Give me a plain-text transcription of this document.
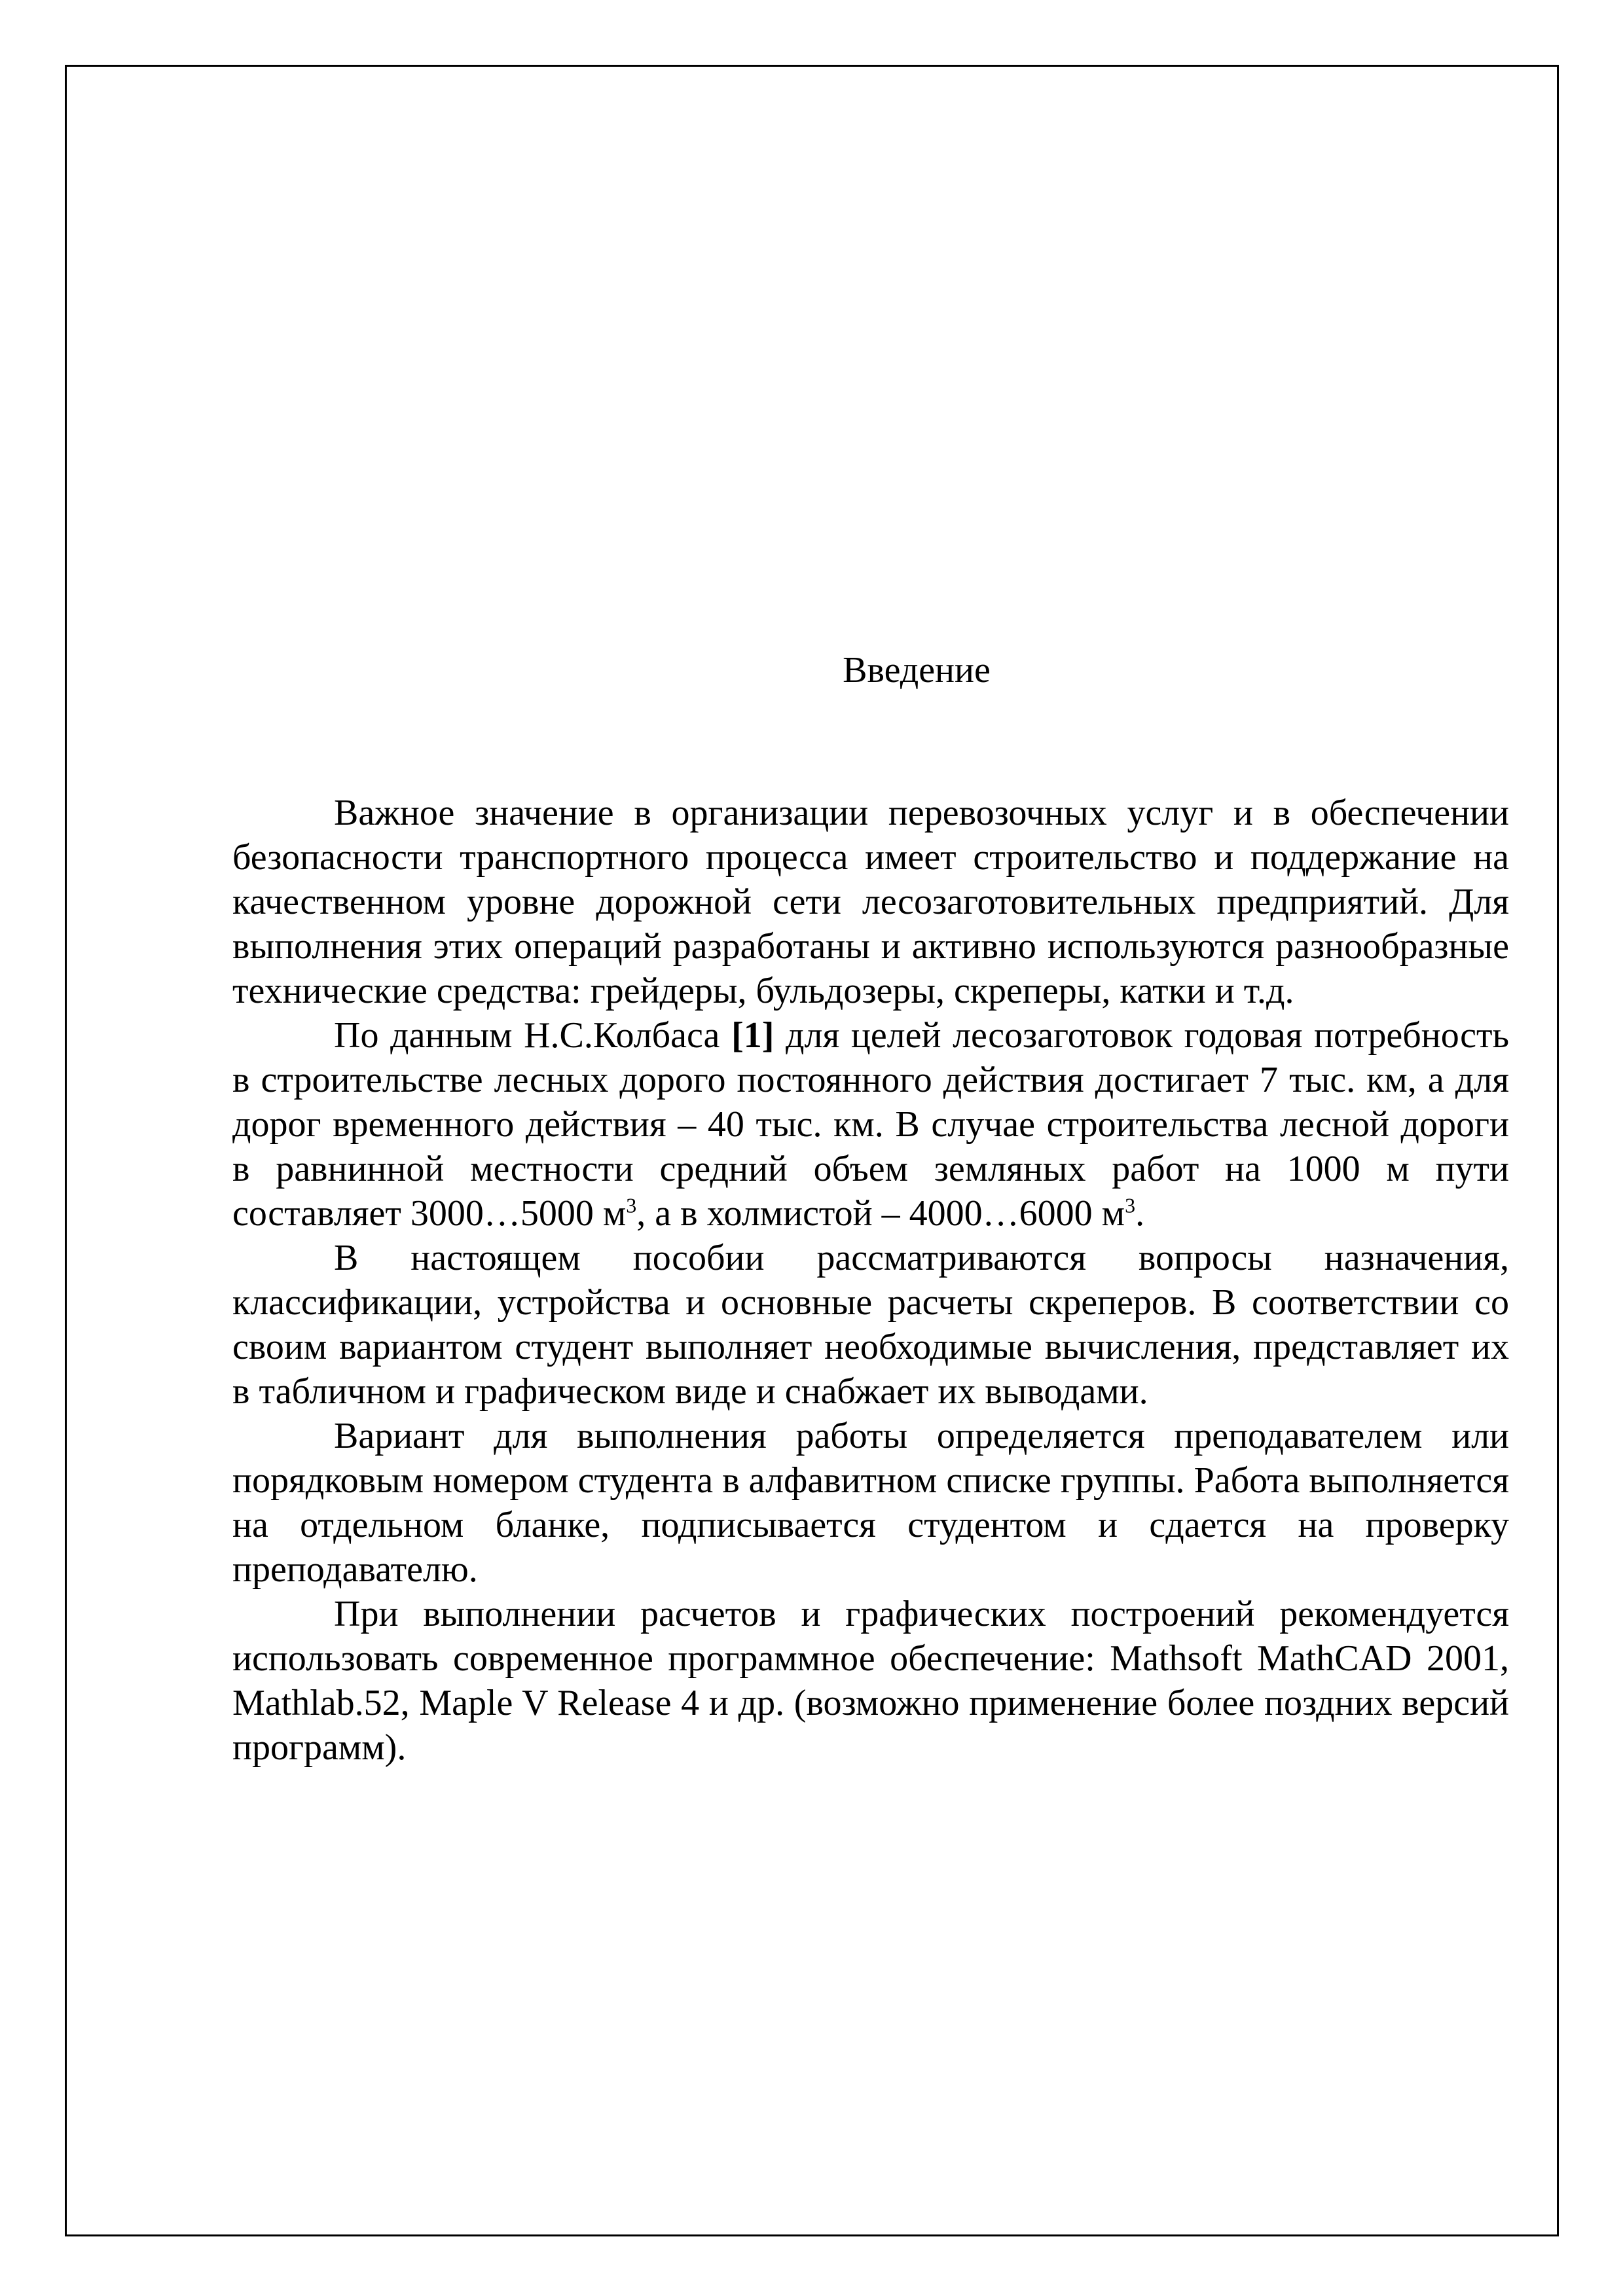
Введение

Важное значение в организации перевозочных услуг и в обеспечении безопасности транспортного процесса имеет строительство и поддержание на качественном уровне дорожной сети лесозаготовительных предприятий. Для выполнения этих операций разработаны и активно используются разнообразные технические средства: грейдеры, бульдозеры, скреперы, катки и т.д.

По данным Н.С.Колбаса [1] для целей лесозаготовок годовая потребность в строительстве лесных дорого постоянного действия достигает 7 тыс. км, а для дорог временного действия – 40 тыс. км. В случае строительства лесной дороги в равнинной местности средний объем земляных работ на 1000 м пути составляет 3000…5000 $м^3$, а в холмистой – 4000…6000 $м^3$.

В настоящем пособии рассматриваются вопросы назначения, классификации, устройства и основные расчеты скреперов. В соответствии со своим вариантом студент выполняет необходимые вычисления, представляет их в табличном и графическом виде и снабжает их выводами.

Вариант для выполнения работы определяется преподавателем или порядковым номером студента в алфавитном списке группы. Работа выполняется на отдельном бланке, подписывается студентом и сдается на проверку преподавателю.

При выполнении расчетов и графических построений рекомендуется использовать современное программное обеспечение: Mathsoft MathCAD 2001, Mathlab.52, Maple V Release 4 и др. (возможно применение более поздних версий программ).
